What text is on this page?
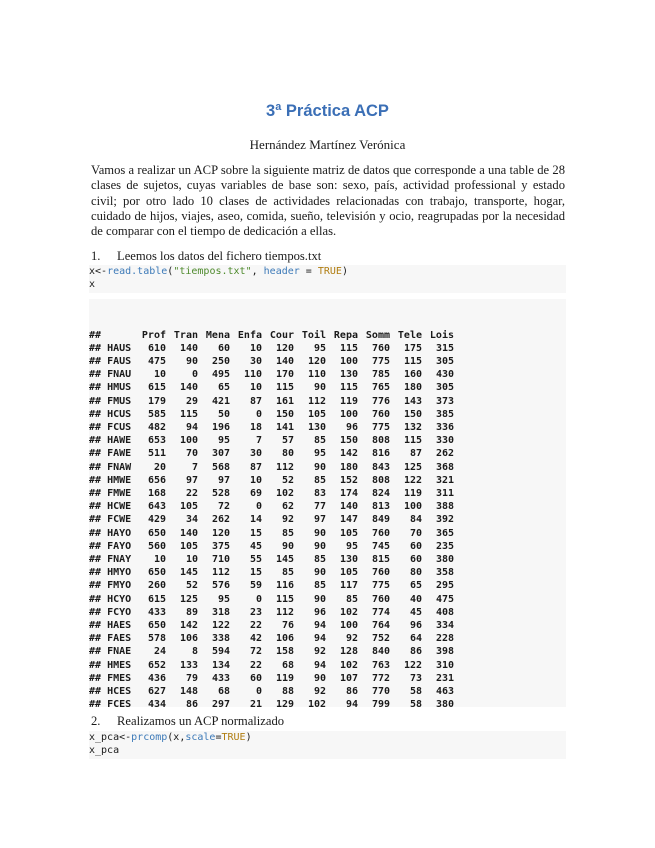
3ª Práctica ACP
Hernández Martínez Verónica
Vamos a realizar un ACP sobre la siguiente matriz de datos que corresponde a una table de 28 clases de sujetos, cuyas variables de base son: sexo, país, actividad professional y estado civil; por otro lado 10 clases de actividades relacionadas con trabajo, transporte, hogar, cuidado de hijos, viajes, aseo, comida, sueño, televisión y ocio, reagrupadas por la necesidad de comparar con el tiempo de dedicación a ellas.
1. Leemos los datos del fichero tiempos.txt
x<-read.table("tiempos.txt", header = TRUE)
x

##	Prof	Tran	Mena	Enfa	Cour	Toil	Repa	Somm	Tele	Lois
## HAUS	610	140	60	10	120	95	115	760	175	315
## FAUS	475	90	250	30	140	120	100	775	115	305
## FNAU	10	0	495	110	170	110	130	785	160	430
## HMUS	615	140	65	10	115	90	115	765	180	305
## FMUS	179	29	421	87	161	112	119	776	143	373
## HCUS	585	115	50	0	150	105	100	760	150	385
## FCUS	482	94	196	18	141	130	96	775	132	336
## HAWE	653	100	95	7	57	85	150	808	115	330
## FAWE	511	70	307	30	80	95	142	816	87	262
## FNAW	20	7	568	87	112	90	180	843	125	368
## HMWE	656	97	97	10	52	85	152	808	122	321
## FMWE	168	22	528	69	102	83	174	824	119	311
## HCWE	643	105	72	0	62	77	140	813	100	388
## FCWE	429	34	262	14	92	97	147	849	84	392
## HAYO	650	140	120	15	85	90	105	760	70	365
## FAYO	560	105	375	45	90	90	95	745	60	235
## FNAY	10	10	710	55	145	85	130	815	60	380
## HMYO	650	145	112	15	85	90	105	760	80	358
## FMYO	260	52	576	59	116	85	117	775	65	295
## HCYO	615	125	95	0	115	90	85	760	40	475
## FCYO	433	89	318	23	112	96	102	774	45	408
## HAES	650	142	122	22	76	94	100	764	96	334
## FAES	578	106	338	42	106	94	92	752	64	228
## FNAE	24	8	594	72	158	92	128	840	86	398
## HMES	652	133	134	22	68	94	102	763	122	310
## FMES	436	79	433	60	119	90	107	772	73	231
## HCES	627	148	68	0	88	92	86	770	58	463
## FCES	434	86	297	21	129	102	94	799	58	380

2. Realizamos un ACP normalizado
x_pca<-prcomp(x,scale=TRUE)
x_pca
